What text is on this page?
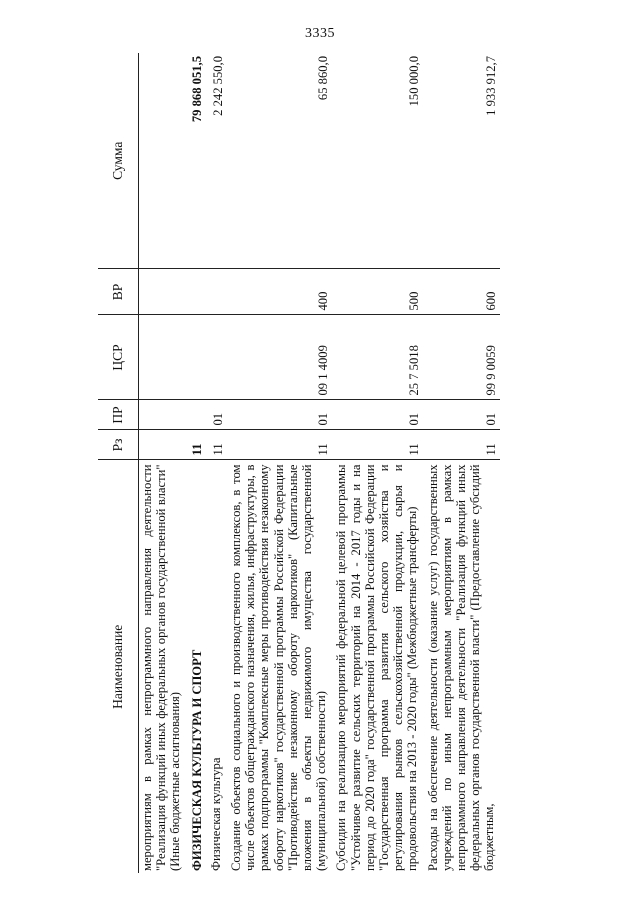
3335
Наименование	Рз	ПР	ЦСР	ВР	Сумма
мероприятиям в рамках непрограммного направления деятельности "Реализация функций иных федеральных органов государственной власти" (Иные бюджетные ассигнования)					
ФИЗИЧЕСКАЯ КУЛЬТУРА И СПОРТ	11				79 868 051,5
Физическая культура	11	01			2 242 550,0

Создание объектов социального и производственного комплексов, в том числе объектов общегражданского назначения, жилья, инфраструктуры, в рамках подпрограммы "Комплексные меры противодействия незаконному обороту наркотиков" государственной программы Российской Федерации "Противодействие незаконному обороту наркотиков" (Капитальные вложения в объекты недвижимого имущества государственной (муниципальной) собственности)	11	01	09 1 4009	400	65 860,0

Субсидии на реализацию мероприятий федеральной целевой программы "Устойчивое развитие сельских территорий на 2014 - 2017 годы и на период до 2020 года" государственной программы Российской Федерации "Государственная программа развития сельского хозяйства и регулирования рынков сельскохозяйственной продукции, сырья и продовольствия на 2013 - 2020 годы" (Межбюджетные трансферты)	11	01	25 7 5018	500	150 000,0

Расходы на обеспечение деятельности (оказание услуг) государственных учреждений по иным непрограммным мероприятиям в рамках непрограммного направления деятельности "Реализация функций иных федеральных органов государственной власти" (Предоставление субсидий бюджетным,	11	01	99 9 0059	600	1 933 912,7
